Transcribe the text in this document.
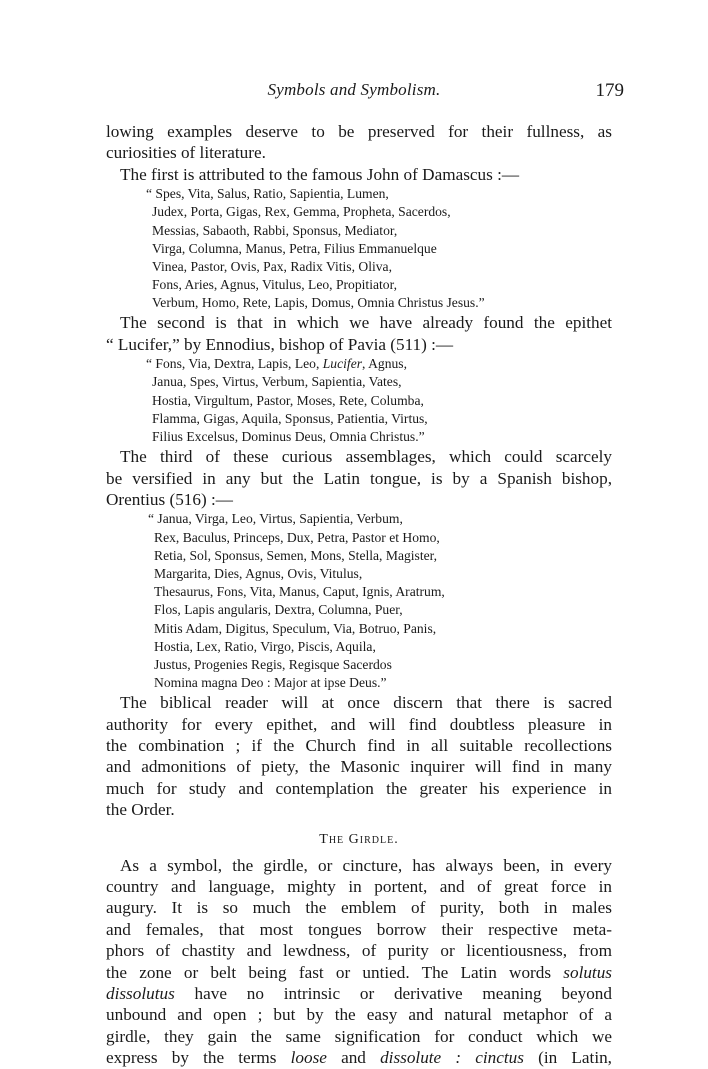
Symbols and Symbolism.	179
lowing examples deserve to be preserved for their fullness, as
curiosities of literature.
The first is attributed to the famous John of Damascus :—
“ Spes, Vita, Salus, Ratio, Sapientia, Lumen,
Judex, Porta, Gigas, Rex, Gemma, Propheta, Sacerdos,
Messias, Sabaoth, Rabbi, Sponsus, Mediator,
Virga, Columna, Manus, Petra, Filius Emmanuelque
Vinea, Pastor, Ovis, Pax, Radix Vitis, Oliva,
Fons, Aries, Agnus, Vitulus, Leo, Propitiator,
Verbum, Homo, Rete, Lapis, Domus, Omnia Christus Jesus.”
The second is that in which we have already found the epithet
“ Lucifer,” by Ennodius, bishop of Pavia (511) :—
“ Fons, Via, Dextra, Lapis, Leo, Lucifer, Agnus,
Janua, Spes, Virtus, Verbum, Sapientia, Vates,
Hostia, Virgultum, Pastor, Moses, Rete, Columba,
Flamma, Gigas, Aquila, Sponsus, Patientia, Virtus,
Filius Excelsus, Dominus Deus, Omnia Christus.”
The third of these curious assemblages, which could scarcely
be versified in any but the Latin tongue, is by a Spanish bishop,
Orentius (516) :—
“ Janua, Virga, Leo, Virtus, Sapientia, Verbum,
Rex, Baculus, Princeps, Dux, Petra, Pastor et Homo,
Retia, Sol, Sponsus, Semen, Mons, Stella, Magister,
Margarita, Dies, Agnus, Ovis, Vitulus,
Thesaurus, Fons, Vita, Manus, Caput, Ignis, Aratrum,
Flos, Lapis angularis, Dextra, Columna, Puer,
Mitis Adam, Digitus, Speculum, Via, Botruo, Panis,
Hostia, Lex, Ratio, Virgo, Piscis, Aquila,
Justus, Progenies Regis, Regisque Sacerdos
Nomina magna Deo : Major at ipse Deus.”
The biblical reader will at once discern that there is sacred
authority for every epithet, and will find doubtless pleasure in
the combination ; if the Church find in all suitable recollections
and admonitions of piety, the Masonic inquirer will find in many
much for study and contemplation the greater his experience in
the Order.
The Girdle.
As a symbol, the girdle, or cincture, has always been, in every
country and language, mighty in portent, and of great force in
augury. It is so much the emblem of purity, both in males
and females, that most tongues borrow their respective meta-
phors of chastity and lewdness, of purity or licentiousness, from
the zone or belt being fast or untied. The Latin words solutus
dissolutus have no intrinsic or derivative meaning beyond
unbound and open ; but by the easy and natural metaphor of a
girdle, they gain the same signification for conduct which we
express by the terms loose and dissolute : cinctus (in Latin,
